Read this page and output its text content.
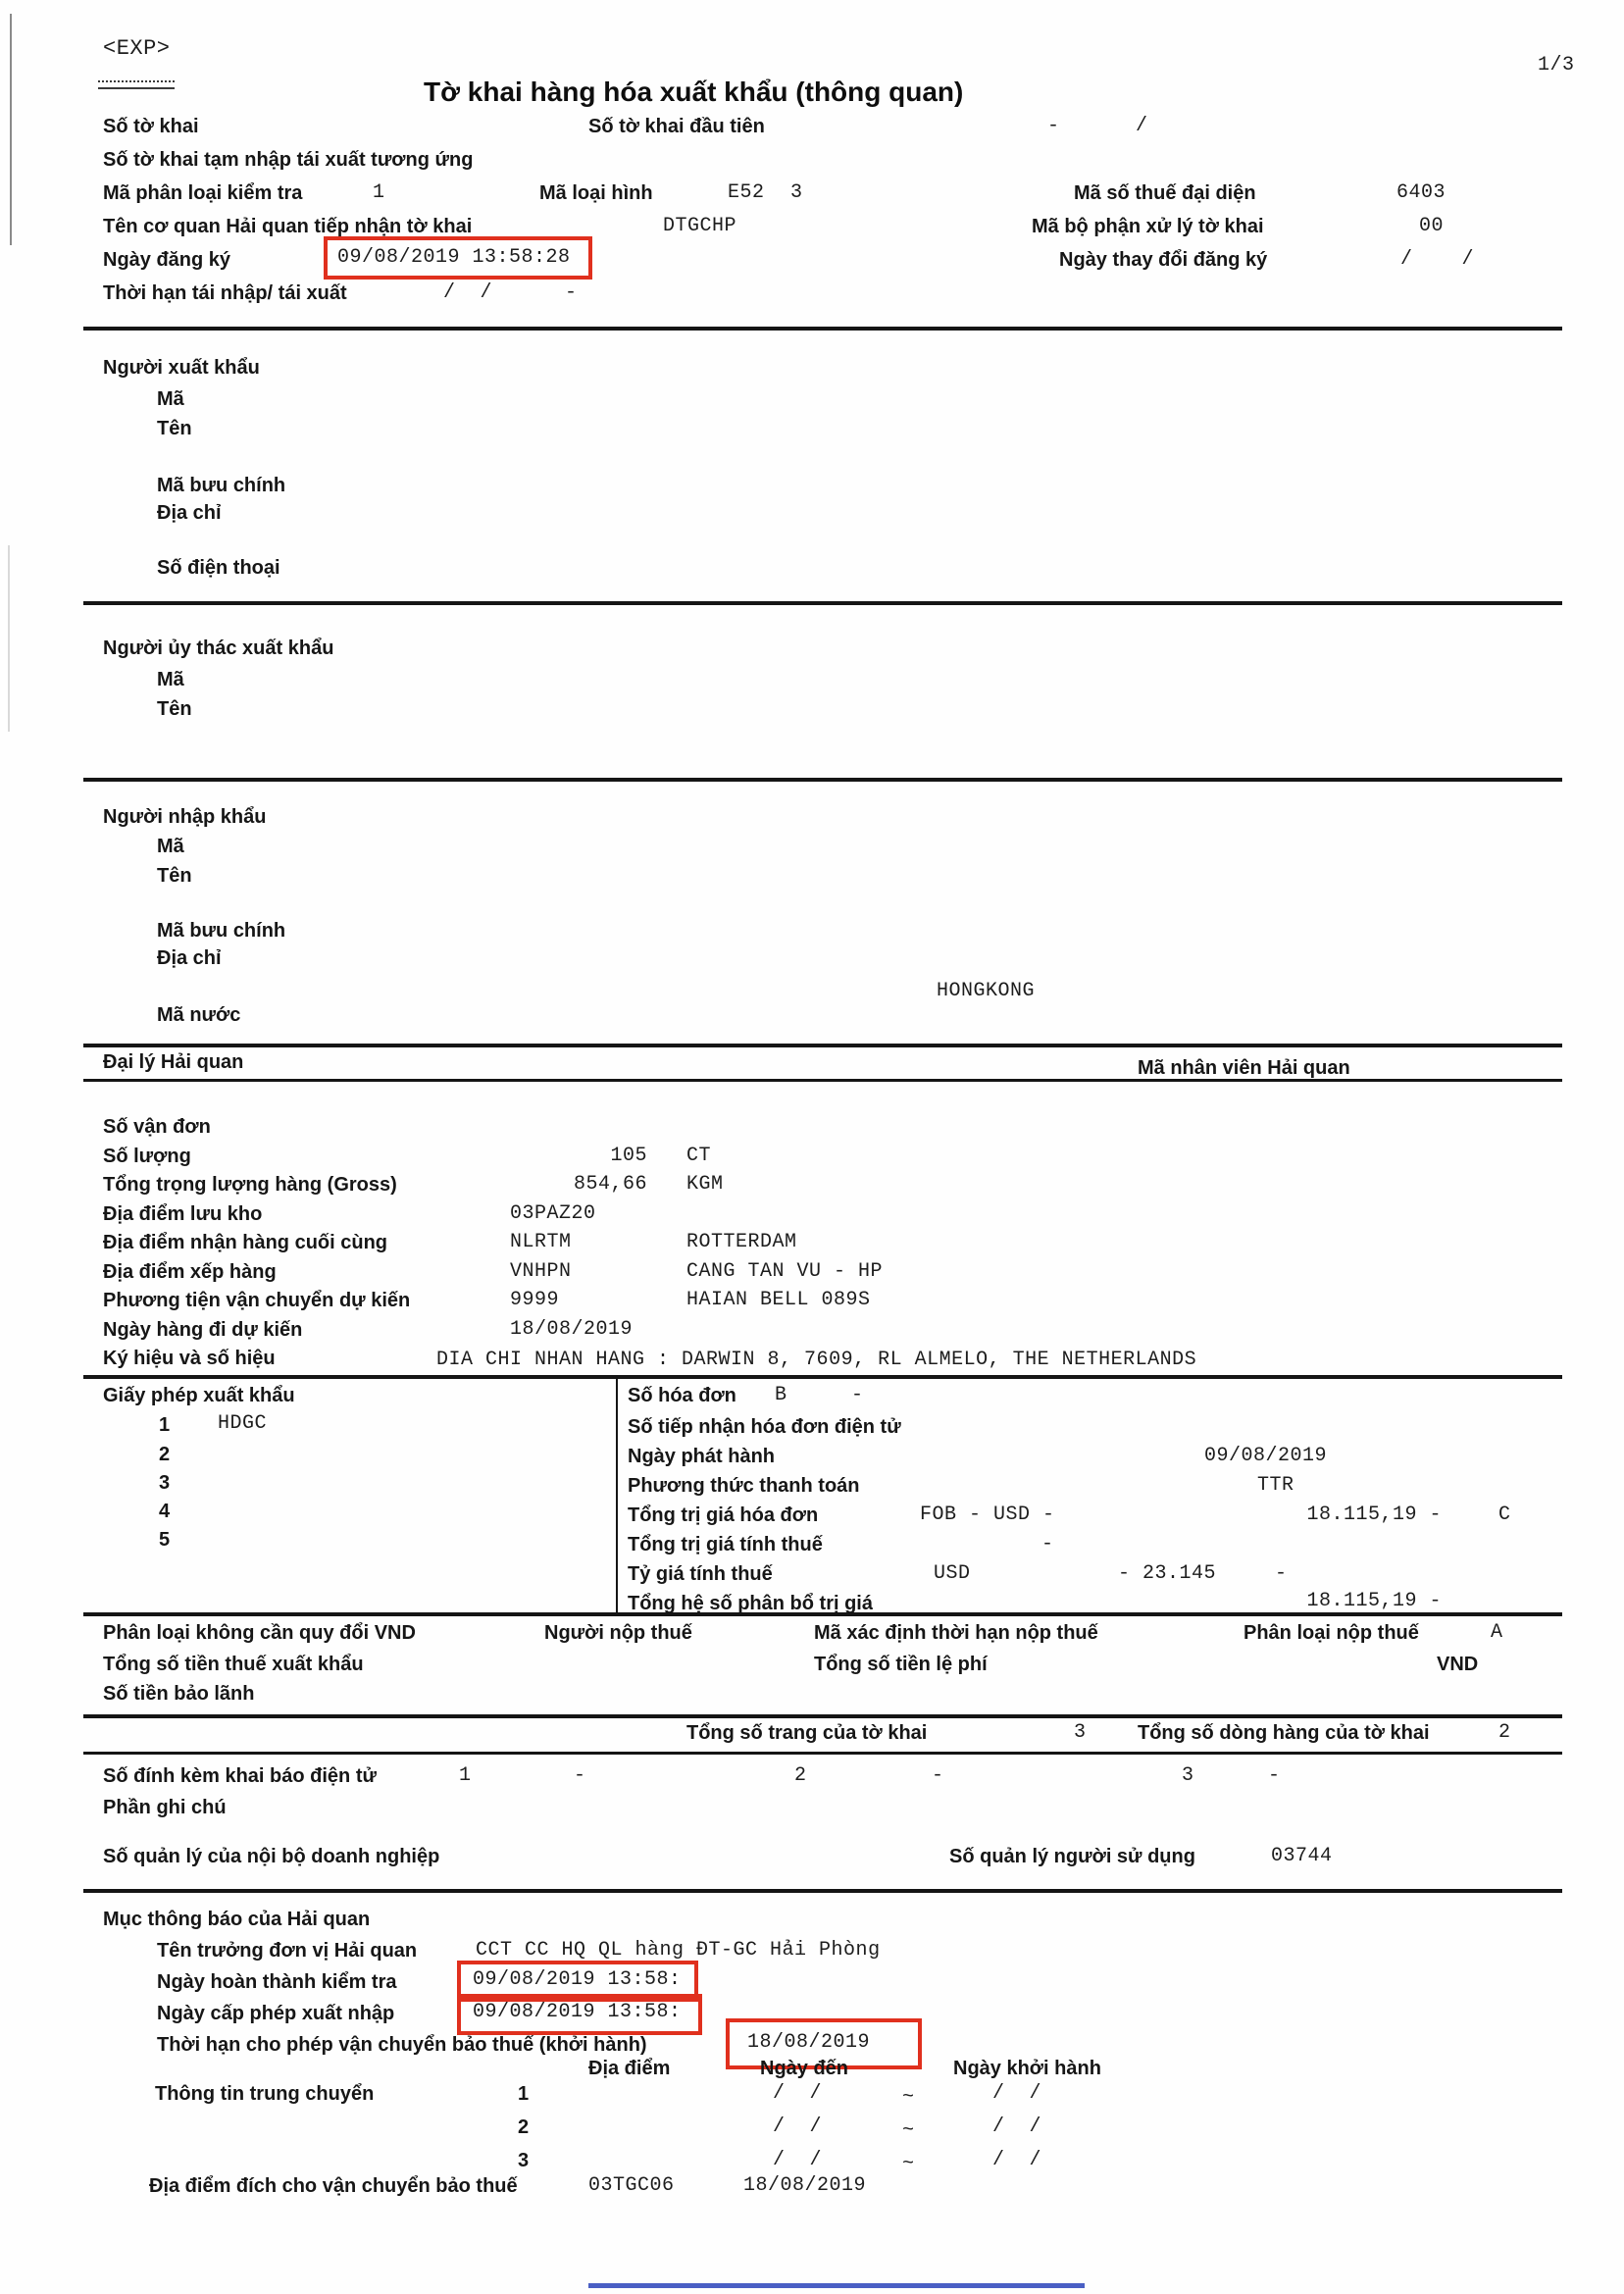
<EXP>
Tờ khai hàng hóa xuất khẩu (thông quan)
1/3
Số tờ khai	Số tờ khai đầu tiên	-	/
Số tờ khai tạm nhập tái xuất tương ứng
Mã phân loại kiểm tra	1	Mã loại hình	E52 3	Mã số thuế đại diện	6403
Tên cơ quan Hải quan tiếp nhận tờ khai	DTGCHP	Mã bộ phận xử lý tờ khai	00
Ngày đăng ký	09/08/2019 13:58:28	Ngày thay đổi đăng ký	/    /
Thời hạn tái nhập/ tái xuất	/  /	-
Người xuất khẩu
Mã
Tên
Mã bưu chính
Địa chỉ
Số điện thoại
Người ủy thác xuất khẩu
Mã
Tên
Người nhập khẩu
Mã
Tên
Mã bưu chính
Địa chỉ
HONGKONG
Mã nước
Đại lý Hải quan	Mã nhân viên Hải quan
Số vận đơn
Số lượng	105 CT
Tổng trọng lượng hàng (Gross)	854,66 KGM
Địa điểm lưu kho	03PAZ20
Địa điểm nhận hàng cuối cùng	NLRTM	ROTTERDAM
Địa điểm xếp hàng	VNHPN	CANG TAN VU - HP
Phương tiện vận chuyển dự kiến	9999	HAIAN BELL 089S
Ngày hàng đi dự kiến	18/08/2019
Ký hiệu và số hiệu	DIA CHI NHAN HANG : DARWIN 8, 7609, RL ALMELO, THE NETHERLANDS
Giấy phép xuất khẩu
1 HDGC
2
3
4
5
Số hóa đơn B	-
Số tiếp nhận hóa đơn điện tử
Ngày phát hành	09/08/2019
Phương thức thanh toán	TTR
Tổng trị giá hóa đơn	FOB - USD -	18.115,19 -	C
Tổng trị giá tính thuế	-
Tỷ giá tính thuế	USD	- 23.145	-
Tổng hệ số phân bổ trị giá	18.115,19 -
Phân loại không cần quy đổi VND	Người nộp thuế	Mã xác định thời hạn nộp thuế	Phân loại nộp thuế	A
Tổng số tiền thuế xuất khẩu	Tổng số tiền lệ phí	VND
Số tiền bảo lãnh
Tổng số trang của tờ khai	3	Tổng số dòng hàng của tờ khai	2
Số đính kèm khai báo điện tử	1	-	2	-	3	-
Phần ghi chú
Số quản lý của nội bộ doanh nghiệp	Số quản lý người sử dụng	03744
Mục thông báo của Hải quan
Tên trưởng đơn vị Hải quan	CCT CC HQ QL hàng ĐT-GC Hải Phòng
Ngày hoàn thành kiểm tra	09/08/2019 13:58:
Ngày cấp phép xuất nhập	09/08/2019 13:58:
Thời hạn cho phép vận chuyển bảo thuế (khởi hành)	18/08/2019
Địa điểm	Ngày đến	Ngày khởi hành
Thông tin trung chuyển	1	/  /	~	/  /
2	/  /	~	/  /
3	/  /	~	/  /
Địa điểm đích cho vận chuyển bảo thuế	03TGC06	18/08/2019
